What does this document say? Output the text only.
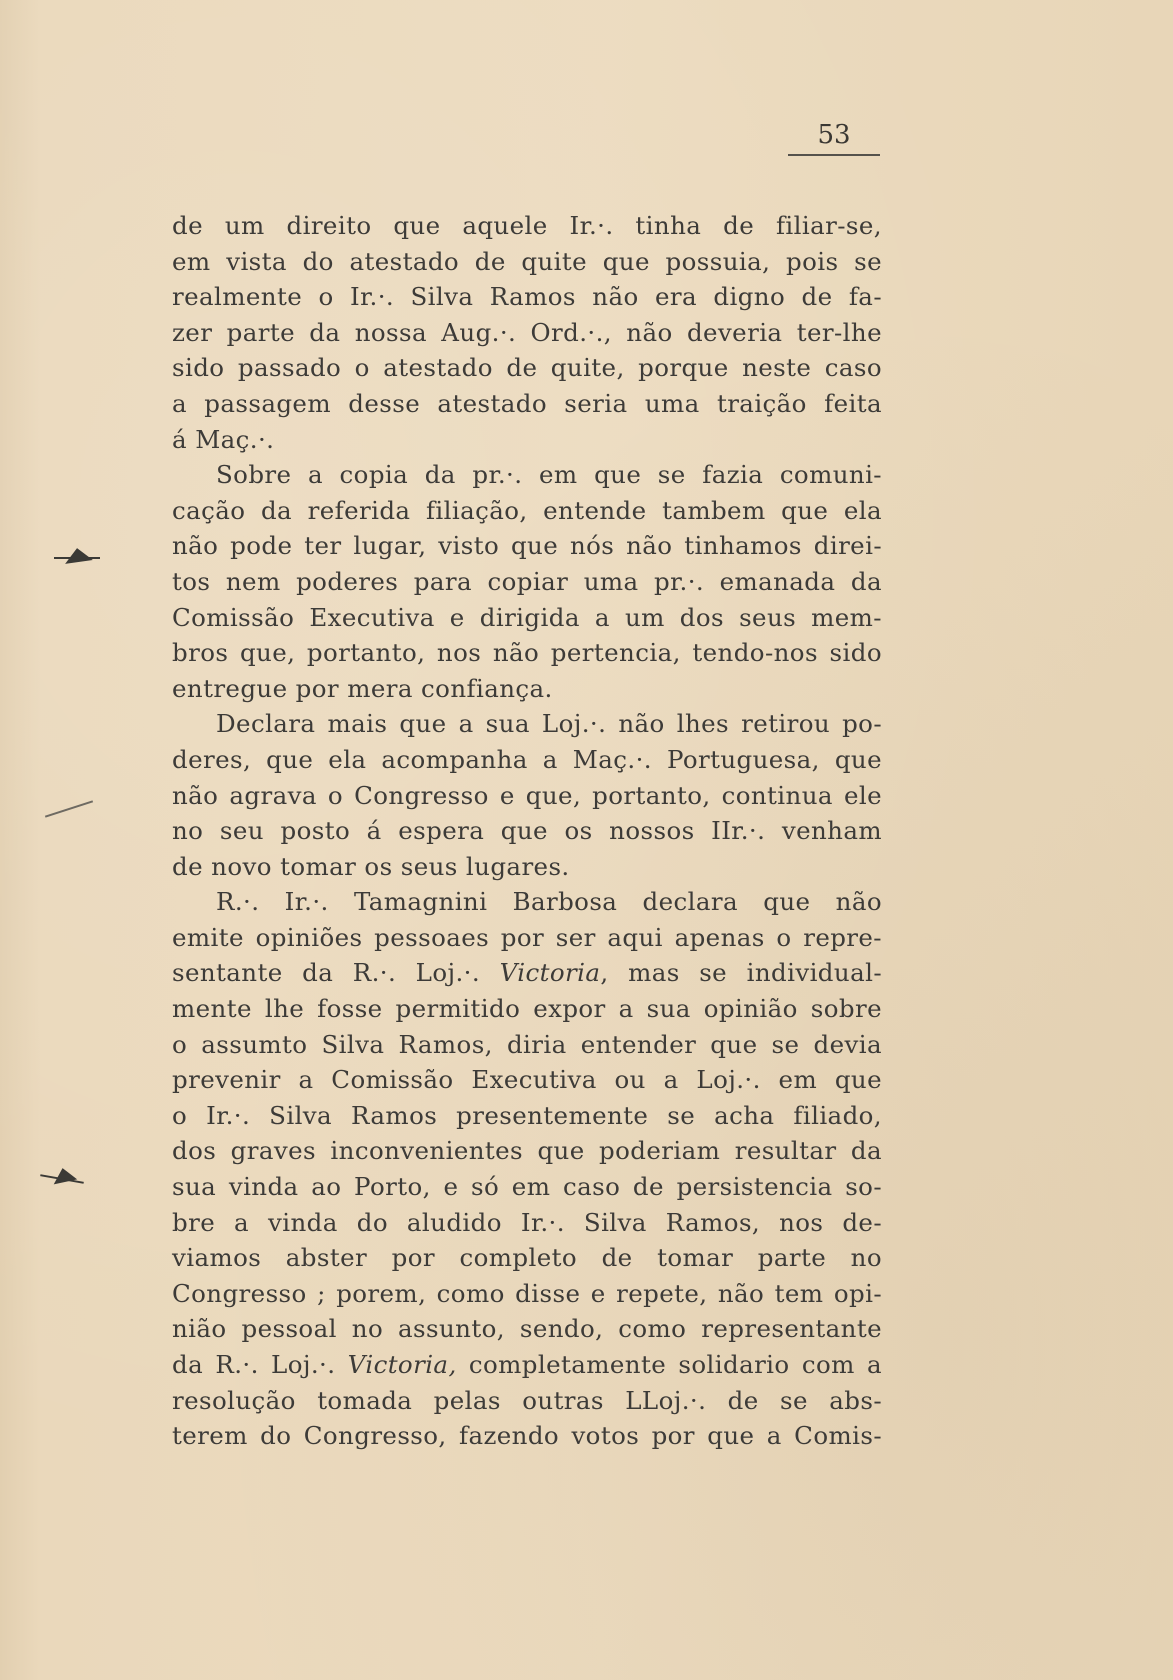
53

de um direito que aquele Ir.·. tinha de filiar-se,
em vista do atestado de quite que possuia, pois se
realmente o Ir.·. Silva Ramos não era digno de fa-
zer parte da nossa Aug.·. Ord.·., não deveria ter-lhe
sido passado o atestado de quite, porque neste caso
a passagem desse atestado seria uma traição feita
á Maç.·.

Sobre a copia da pr.·. em que se fazia comuni-
cação da referida filiação, entende tambem que ela
não pode ter lugar, visto que nós não tinhamos direi-
tos nem poderes para copiar uma pr.·. emanada da
Comissão Executiva e dirigida a um dos seus mem-
bros que, portanto, nos não pertencia, tendo-nos sido
entregue por mera confiança.

Declara mais que a sua Loj.·. não lhes retirou po-
deres, que ela acompanha a Maç.·. Portuguesa, que
não agrava o Congresso e que, portanto, continua ele
no seu posto á espera que os nossos IIr.·. venham
de novo tomar os seus lugares.

R.·. Ir.·. Tamagnini Barbosa declara que não
emite opiniões pessoaes por ser aqui apenas o repre-
sentante da R.·. Loj.·. Victoria, mas se individual-
mente lhe fosse permitido expor a sua opinião sobre
o assumto Silva Ramos, diria entender que se devia
prevenir a Comissão Executiva ou a Loj.·. em que
o Ir.·. Silva Ramos presentemente se acha filiado,
dos graves inconvenientes que poderiam resultar da
sua vinda ao Porto, e só em caso de persistencia so-
bre a vinda do aludido Ir.·. Silva Ramos, nos de-
viamos abster por completo de tomar parte no
Congresso ; porem, como disse e repete, não tem opi-
nião pessoal no assunto, sendo, como representante
da R.·. Loj.·. Victoria, completamente solidario com a
resolução tomada pelas outras LLoj.·. de se abs-
terem do Congresso, fazendo votos por que a Comis-
